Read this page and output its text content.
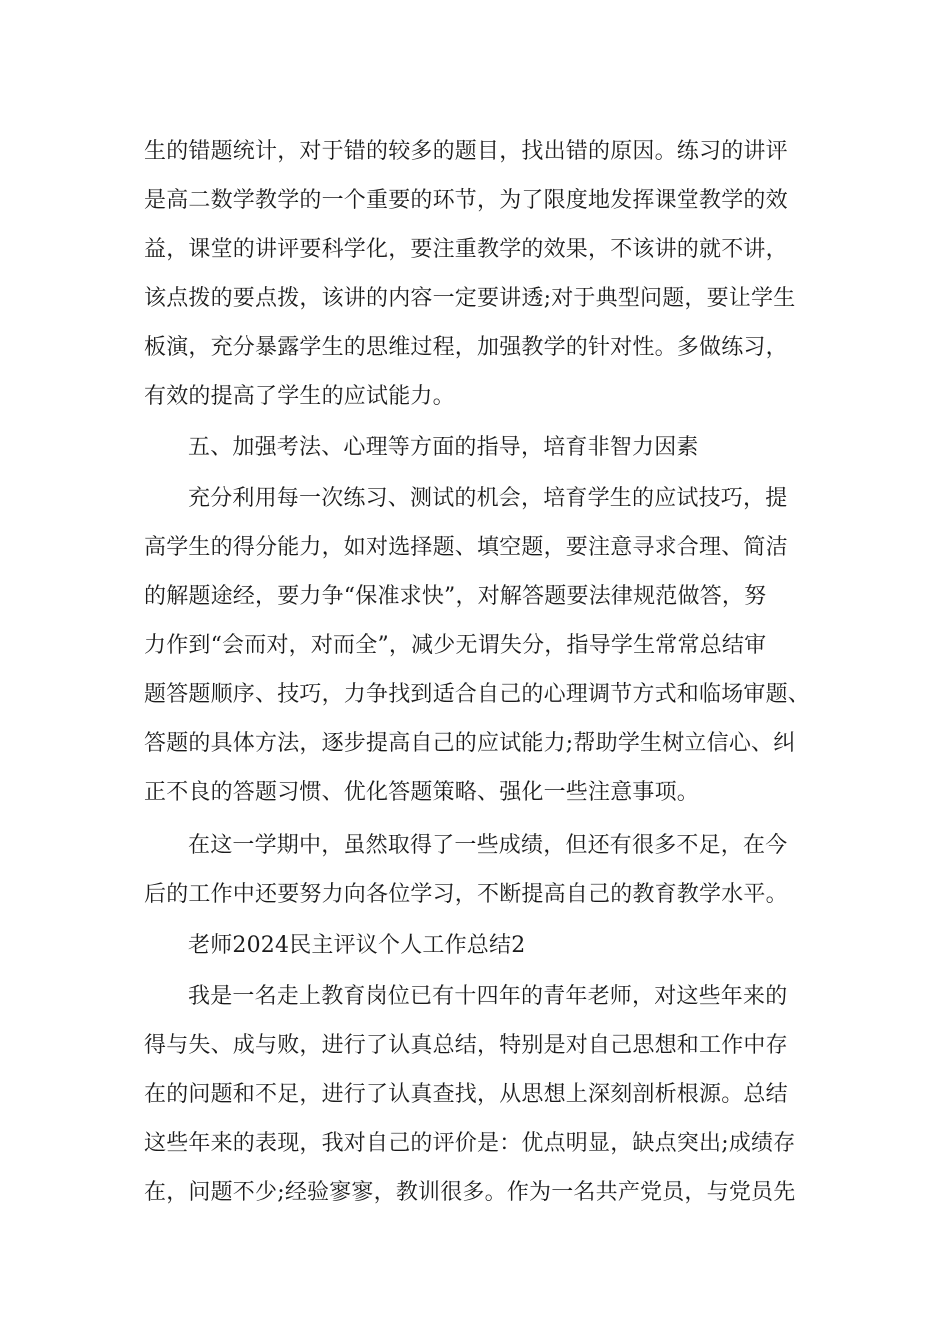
生的错题统计，对于错的较多的题目，找出错的原因。练习的讲评
是高二数学教学的一个重要的环节，为了限度地发挥课堂教学的效
益，课堂的讲评要科学化，要注重教学的效果，不该讲的就不讲，
该点拨的要点拨，该讲的内容一定要讲透;对于典型问题，要让学生
板演，充分暴露学生的思维过程，加强教学的针对性。多做练习，
有效的提高了学生的应试能力。
五、加强考法、心理等方面的指导，培育非智力因素
充分利用每一次练习、测试的机会，培育学生的应试技巧，提
高学生的得分能力，如对选择题、填空题，要注意寻求合理、简洁
的解题途经，要力争“保准求快”，对解答题要法律规范做答，努
力作到“会而对，对而全”，减少无谓失分，指导学生常常总结审
题答题顺序、技巧，力争找到适合自己的心理调节方式和临场审题、
答题的具体方法，逐步提高自己的应试能力;帮助学生树立信心、纠
正不良的答题习惯、优化答题策略、强化一些注意事项。
在这一学期中，虽然取得了一些成绩，但还有很多不足，在今
后的工作中还要努力向各位学习，不断提高自己的教育教学水平。
老师2024民主评议个人工作总结2
我是一名走上教育岗位已有十四年的青年老师，对这些年来的
得与失、成与败，进行了认真总结，特别是对自己思想和工作中存
在的问题和不足，进行了认真查找，从思想上深刻剖析根源。总结
这些年来的表现，我对自己的评价是：优点明显，缺点突出;成绩存
在，问题不少;经验寥寥，教训很多。作为一名共产党员，与党员先
